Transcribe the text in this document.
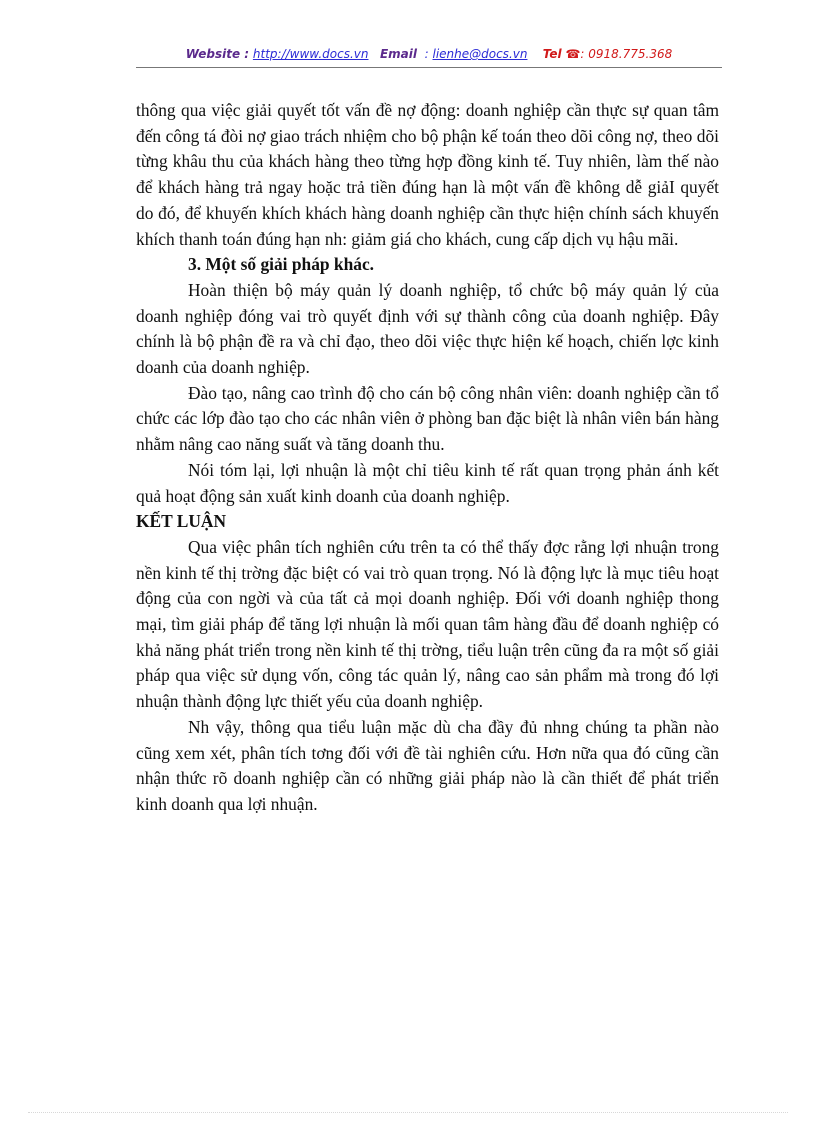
Website : http://www.docs.vn Email : lienhe@docs.vn Tel ☎: 0918.775.368

thông qua việc giải quyết tốt vấn đề nợ động: doanh nghiệp cần thực sự quan tâm đến công tá đòi nợ giao trách nhiệm cho bộ phận kế toán theo dõi công nợ, theo dõi từng khâu thu của khách hàng theo từng hợp đồng kinh tế. Tuy nhiên, làm thế nào để khách hàng trả ngay hoặc trả tiền đúng hạn là một vấn đề không dễ giảI quyết do đó, để khuyến khích khách hàng doanh nghiệp cần thực hiện chính sách khuyến khích thanh toán đúng hạn nh: giảm giá cho khách, cung cấp dịch vụ hậu mãi.

3. Một số giải pháp khác.

Hoàn thiện bộ máy quản lý doanh nghiệp, tổ chức bộ máy quản lý của doanh nghiệp đóng vai trò quyết định với sự thành công của doanh nghiệp. Đây chính là bộ phận đề ra và chỉ đạo, theo dõi việc thực hiện kế hoạch, chiến lợc kinh doanh của doanh nghiệp.

Đào tạo, nâng cao trình độ cho cán bộ công nhân viên: doanh nghiệp cần tổ chức các lớp đào tạo cho các nhân viên ở phòng ban đặc biệt là nhân viên bán hàng nhằm nâng cao năng suất và tăng doanh thu.

Nói tóm lại, lợi nhuận là một chỉ tiêu kinh tế rất quan trọng phản ánh kết quả hoạt động sản xuất kinh doanh của doanh nghiệp.

KẾT LUẬN

Qua việc phân tích nghiên cứu trên ta có thể thấy đợc rằng lợi nhuận trong nền kinh tế thị trờng đặc biệt có vai trò quan trọng. Nó là động lực là mục tiêu hoạt động của con ngời và của tất cả mọi doanh nghiệp. Đối với doanh nghiệp thong mại, tìm giải pháp để tăng lợi nhuận là mối quan tâm hàng đầu để doanh nghiệp có khả năng phát triển trong nền kinh tế thị trờng, tiểu luận trên cũng đa ra một số giải pháp qua việc sử dụng vốn, công tác quản lý, nâng cao sản phẩm mà trong đó lợi nhuận thành động lực thiết yếu của doanh nghiệp.

Nh vậy, thông qua tiểu luận mặc dù cha đầy đủ nhng chúng ta phần nào cũng xem xét, phân tích tơng đối với đề tài nghiên cứu. Hơn nữa qua đó cũng cần nhận thức rõ doanh nghiệp cần có những giải pháp nào là cần thiết để phát triển kinh doanh qua lợi nhuận.
